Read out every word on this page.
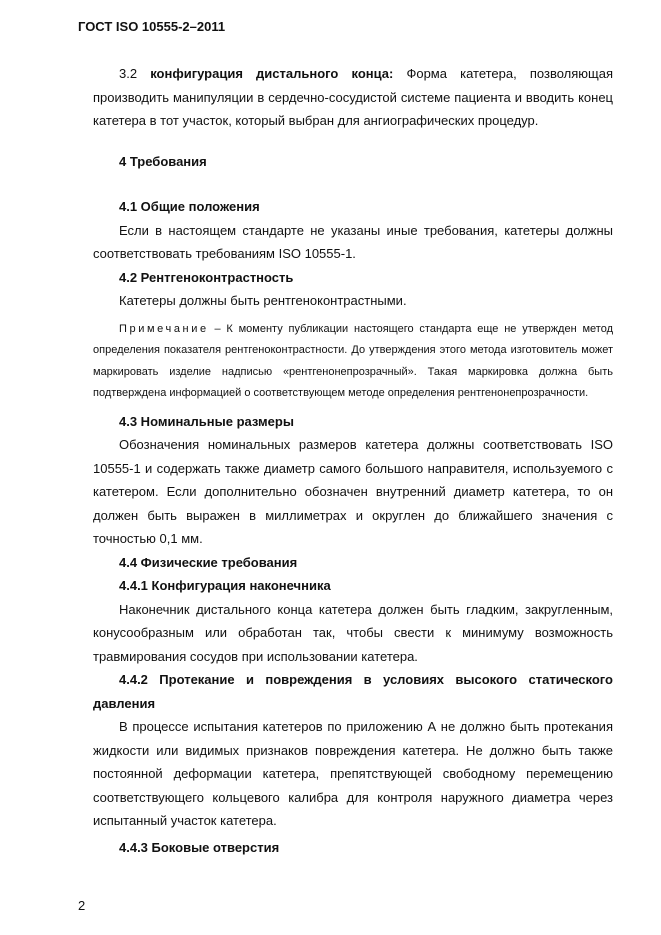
ГОСТ ISO 10555-2–2011

3.2 конфигурация дистального конца: Форма катетера, позволяющая производить манипуляции в сердечно-сосудистой системе пациента и вводить конец катетера в тот участок, который выбран для ангиографических процедур.

4 Требования

4.1 Общие положения

Если в настоящем стандарте не указаны иные требования, катетеры должны соответствовать требованиям ISO 10555-1.

4.2 Рентгеноконтрастность

Катетеры должны быть рентгеноконтрастными.

Примечание – К моменту публикации настоящего стандарта еще не утвержден метод определения показателя рентгеноконтрастности. До утверждения этого метода изготовитель может маркировать изделие надписью «рентгенонепрозрачный». Такая маркировка должна быть подтверждена информацией о соответствующем методе определения рентгенонепрозрачности.

4.3 Номинальные размеры

Обозначения номинальных размеров катетера должны соответствовать ISO 10555-1 и содержать также диаметр самого большого направителя, используемого с катетером. Если дополнительно обозначен внутренний диаметр катетера, то он должен быть выражен в миллиметрах и округлен до ближайшего значения с точностью 0,1 мм.

4.4 Физические требования

4.4.1 Конфигурация наконечника

Наконечник дистального конца катетера должен быть гладким, закругленным, конусообразным или обработан так, чтобы свести к минимуму возможность травмирования сосудов при использовании катетера.

4.4.2 Протекание и повреждения в условиях высокого статического давления

В процессе испытания катетеров по приложению А не должно быть протекания жидкости или видимых признаков повреждения катетера. Не должно быть также постоянной деформации катетера, препятствующей свободному перемещению соответствующего кольцевого калибра для контроля наружного диаметра через испытанный участок катетера.

4.4.3 Боковые отверстия

2
